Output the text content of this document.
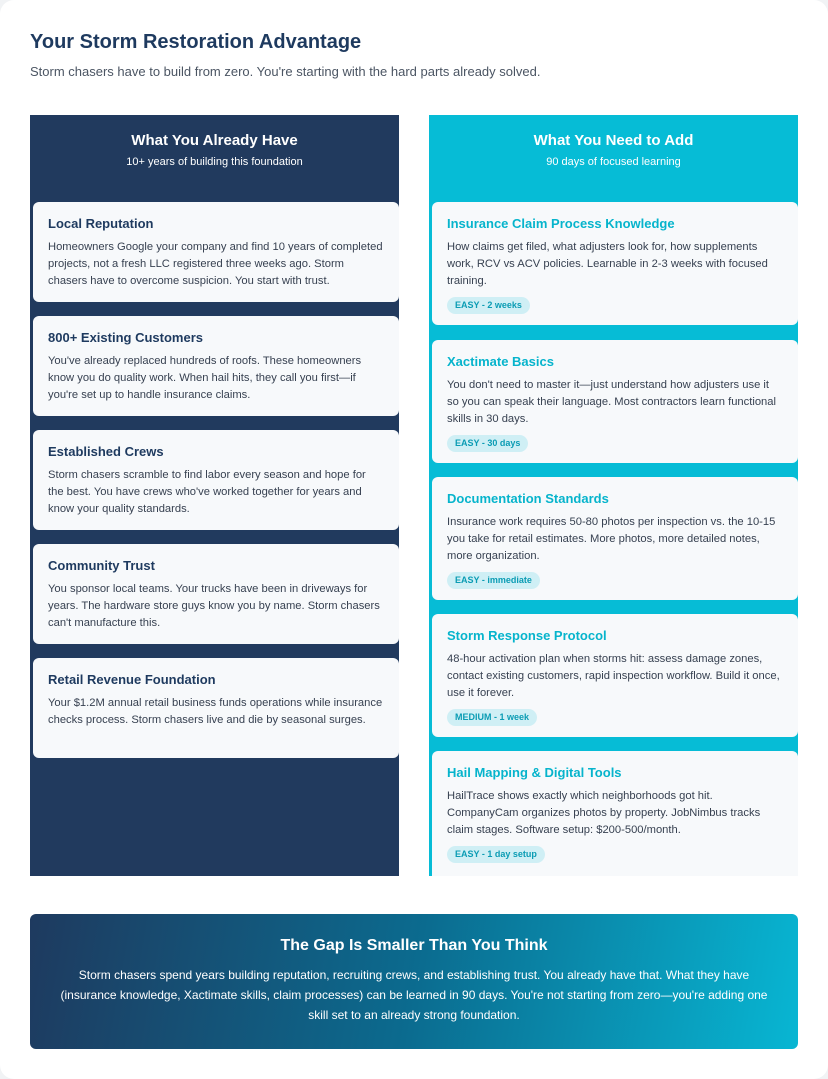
Your Storm Restoration Advantage

Storm chasers have to build from zero. You're starting with the hard parts already solved.

What You Already Have
10+ years of building this foundation
Local Reputation
Homeowners Google your company and find 10 years of completed projects, not a fresh LLC registered three weeks ago. Storm chasers have to overcome suspicion. You start with trust.
800+ Existing Customers
You've already replaced hundreds of roofs. These homeowners know you do quality work. When hail hits, they call you first—if you're set up to handle insurance claims.
Established Crews
Storm chasers scramble to find labor every season and hope for the best. You have crews who've worked together for years and know your quality standards.
Community Trust
You sponsor local teams. Your trucks have been in driveways for years. The hardware store guys know you by name. Storm chasers can't manufacture this.
Retail Revenue Foundation
Your $1.2M annual retail business funds operations while insurance checks process. Storm chasers live and die by seasonal surges.
What You Need to Add
90 days of focused learning
Insurance Claim Process Knowledge
How claims get filed, what adjusters look for, how supplements work, RCV vs ACV policies. Learnable in 2-3 weeks with focused training.
EASY - 2 weeks
Xactimate Basics
You don't need to master it—just understand how adjusters use it so you can speak their language. Most contractors learn functional skills in 30 days.
EASY - 30 days
Documentation Standards
Insurance work requires 50-80 photos per inspection vs. the 10-15 you take for retail estimates. More photos, more detailed notes, more organization.
EASY - immediate
Storm Response Protocol
48-hour activation plan when storms hit: assess damage zones, contact existing customers, rapid inspection workflow. Build it once, use it forever.
MEDIUM - 1 week
Hail Mapping & Digital Tools
HailTrace shows exactly which neighborhoods got hit. CompanyCam organizes photos by property. JobNimbus tracks claim stages. Software setup: $200-500/month.
EASY - 1 day setup
The Gap Is Smaller Than You Think
Storm chasers spend years building reputation, recruiting crews, and establishing trust. You already have that. What they have (insurance knowledge, Xactimate skills, claim processes) can be learned in 90 days. You're not starting from zero—you're adding one skill set to an already strong foundation.
